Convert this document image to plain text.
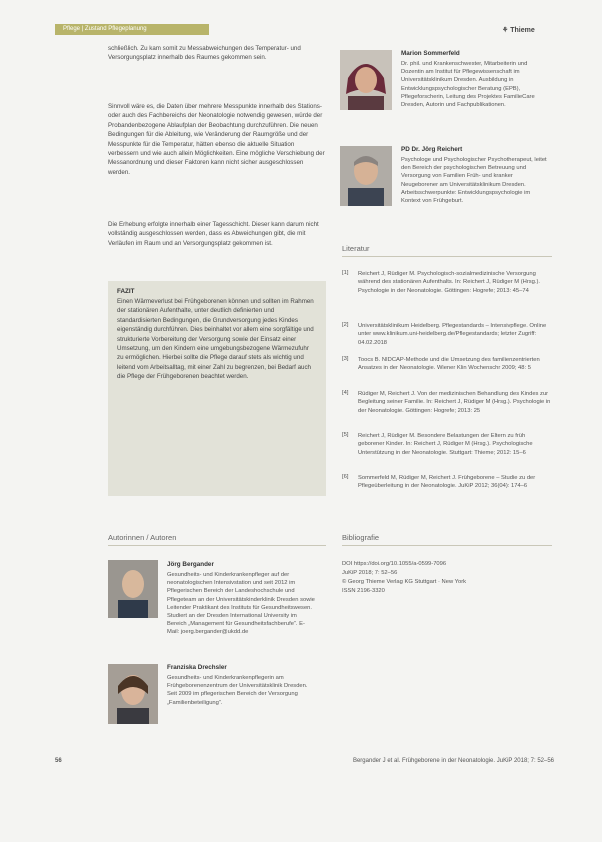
Pflege | Zustand Pflegeplanung	⚘ Thieme
schließlich. Zu kam somit zu Messabweichungen des Temperatur- und Versorgungsplatz innerhalb des Raumes gekommen sein.
Sinnvoll wäre es, die Daten über mehrere Messpunkte innerhalb des Stations- oder auch des Fachbereichs der Neonatologie notwendig gewesen, würde der Probandenbezogene Ablaufplan der Beobachtung durchzuführen. Die neuen Bedingungen für die Ableitung, wie Veränderung der Raumgröße und der Messpunkte für die Temperatur, hätten ebenso die aktuelle Situation verbessern und wie auch allein Möglichkeiten. Eine mögliche Verschiebung der Messanordnung und dieser Faktoren kann nicht sicher ausgeschlossen werden.
Die Erhebung erfolgte innerhalb einer Tagesschicht. Dieser kann darum nicht vollständig ausgeschlossen werden, dass es Abweichungen gibt, die mit Verläufen im Raum und an Versorgungsplatz gekommen ist.
FAZIT
Einen Wärmeverlust bei Frühgeborenen können und sollten im Rahmen der stationären Aufenthalte, unter deutlich definierten und standardisierten Bedingungen, die Grundversorgung jedes Kindes eigenständig durchführen. Dies beinhaltet vor allem eine sorgfältige und strukturierte Vorbereitung der Versorgung sowie der Einsatz einer Umsetzung, um den Kindern eine umgebungsbezogene Wärmezufuhr zu ermöglichen. Hierbei sollte die Pflege darauf stets als wichtig und leitend vom Arbeitsalltag, mit einer Zahl zu begrenzen, bei Bedarf auch die Pflege der Frühgeborenen beachtet werden.
Autorinnen / Autoren
Jörg Bergander
Gesundheits- und Kinderkrankenpfleger auf der neonatologischen Intensivstation und seit 2012 im Pflegerischen Bereich der Landeshochschule und Pflegeteam an der Universitätskinderklinik Dresden sowie Leitender Praktikant des Instituts für Gesundheitswesen. Studiert an der Dresden International University im Bereich „Management für Gesundheitsfachberufe“. E-Mail: joerg.bergander@ukdd.de
Franziska Drechsler
Gesundheits- und Kinderkrankenpflegerin am Frühgeborenenzentrum der Universitätsklinik Dresden. Seit 2009 im pflegerischen Bereich der Versorgung „Familienbeteiligung“.
Marion Sommerfeld
Dr. phil. und Krankenschwester, Mitarbeiterin und Dozentin am Institut für Pflegewissenschaft im Universitätsklinikum Dresden. Ausbildung in Entwicklungspsychologischer Beratung (EPB), Pflegeforscherin, Leitung des Projektes FamilieCare Dresden, Autorin und Fachpublikationen.
PD Dr. Jörg Reichert
Psychologe und Psychologischer Psychotherapeut, leitet den Bereich der psychologischen Betreuung und Versorgung von Familien Früh- und kranker Neugeborener am Universitätsklinikum Dresden. Arbeitsschwerpunkte: Entwicklungspsychologie im Kontext von Frühgeburt.
Literatur
[1] Reichert J, Rüdiger M. Psychologisch-sozialmedizinische Versorgung während des stationären Aufenthalts. In: Reichert J, Rüdiger M (Hrsg.). Psychologie in der Neonatologie. Göttingen: Hogrefe; 2013: 45–74
[2] Universitätsklinikum Heidelberg. Pflegestandards – Intensivpflege. Online unter www.klinikum.uni-heidelberg.de/Pflegestandards; letzter Zugriff: 04.02.2018
[3] Toocs B. NIDCAP-Methode und die Umsetzung des familienzentrierten Ansatzes in der Neonatologie. Wiener Klin Wochenschr 2009; 48: 5
[4] Rüdiger M, Reichert J. Von der medizinischen Behandlung des Kindes zur Begleitung seiner Familie. In: Reichert J, Rüdiger M (Hrsg.). Psychologie in der Neonatologie. Göttingen: Hogrefe; 2013: 25
[5] Reichert J, Rüdiger M. Besondere Belastungen der Eltern zu früh geborener Kinder. In: Reichert J, Rüdiger M (Hrsg.). Psychologische Unterstützung in der Neonatologie. Stuttgart: Thieme; 2012: 15–6
[6] Sommerfeld M, Rüdiger M, Reichert J. Frühgeborene – Studie zu der Pflegeüberleitung in der Neonatologie. JuKiP 2012; 36(04): 174–6
Bibliografie
DOI https://doi.org/10.1055/a-0599-7096
JuKiP 2018; 7: 52–56
© Georg Thieme Verlag KG Stuttgart · New York
ISSN 2196-3320
56	Bergander J et al. Frühgeborene in der Neonatologie. JuKiP 2018; 7: 52–56
